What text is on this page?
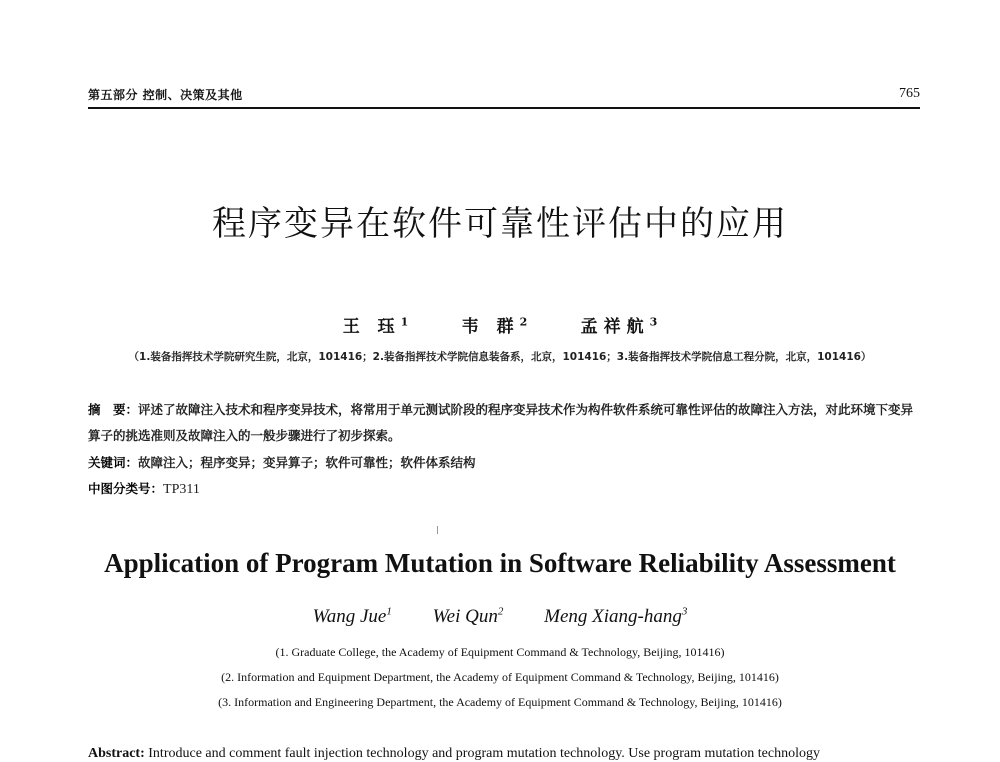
第五部分 控制、决策及其他	765
程序变异在软件可靠性评估中的应用
王 珏$^1$	韦 群$^2$	孟祥航$^3$
（1.装备指挥技术学院研究生院，北京，101416；2.装备指挥技术学院信息装备系，北京，101416；3.装备指挥技术学院信息工程分院，北京，101416）
摘　要：评述了故障注入技术和程序变异技术，将常用于单元测试阶段的程序变异技术作为构件软件系统可靠性评估的故障注入方法，对此环境下变异算子的挑选准则及故障注入的一般步骤进行了初步探索。
关键词：故障注入；程序变异；变异算子；软件可靠性；软件体系结构
中图分类号：TP311
Application of Program Mutation in Software Reliability Assessment
Wang Jue$^1$ Wei Qun$^2$ Meng Xiang-hang$^3$
(1. Graduate College, the Academy of Equipment Command & Technology, Beijing, 101416)
(2. Information and Equipment Department, the Academy of Equipment Command & Technology, Beijing, 101416)
(3. Information and Engineering Department, the Academy of Equipment Command & Technology, Beijing, 101416)
Abstract: Introduce and comment fault injection technology and program mutation technology. Use program mutation technology
